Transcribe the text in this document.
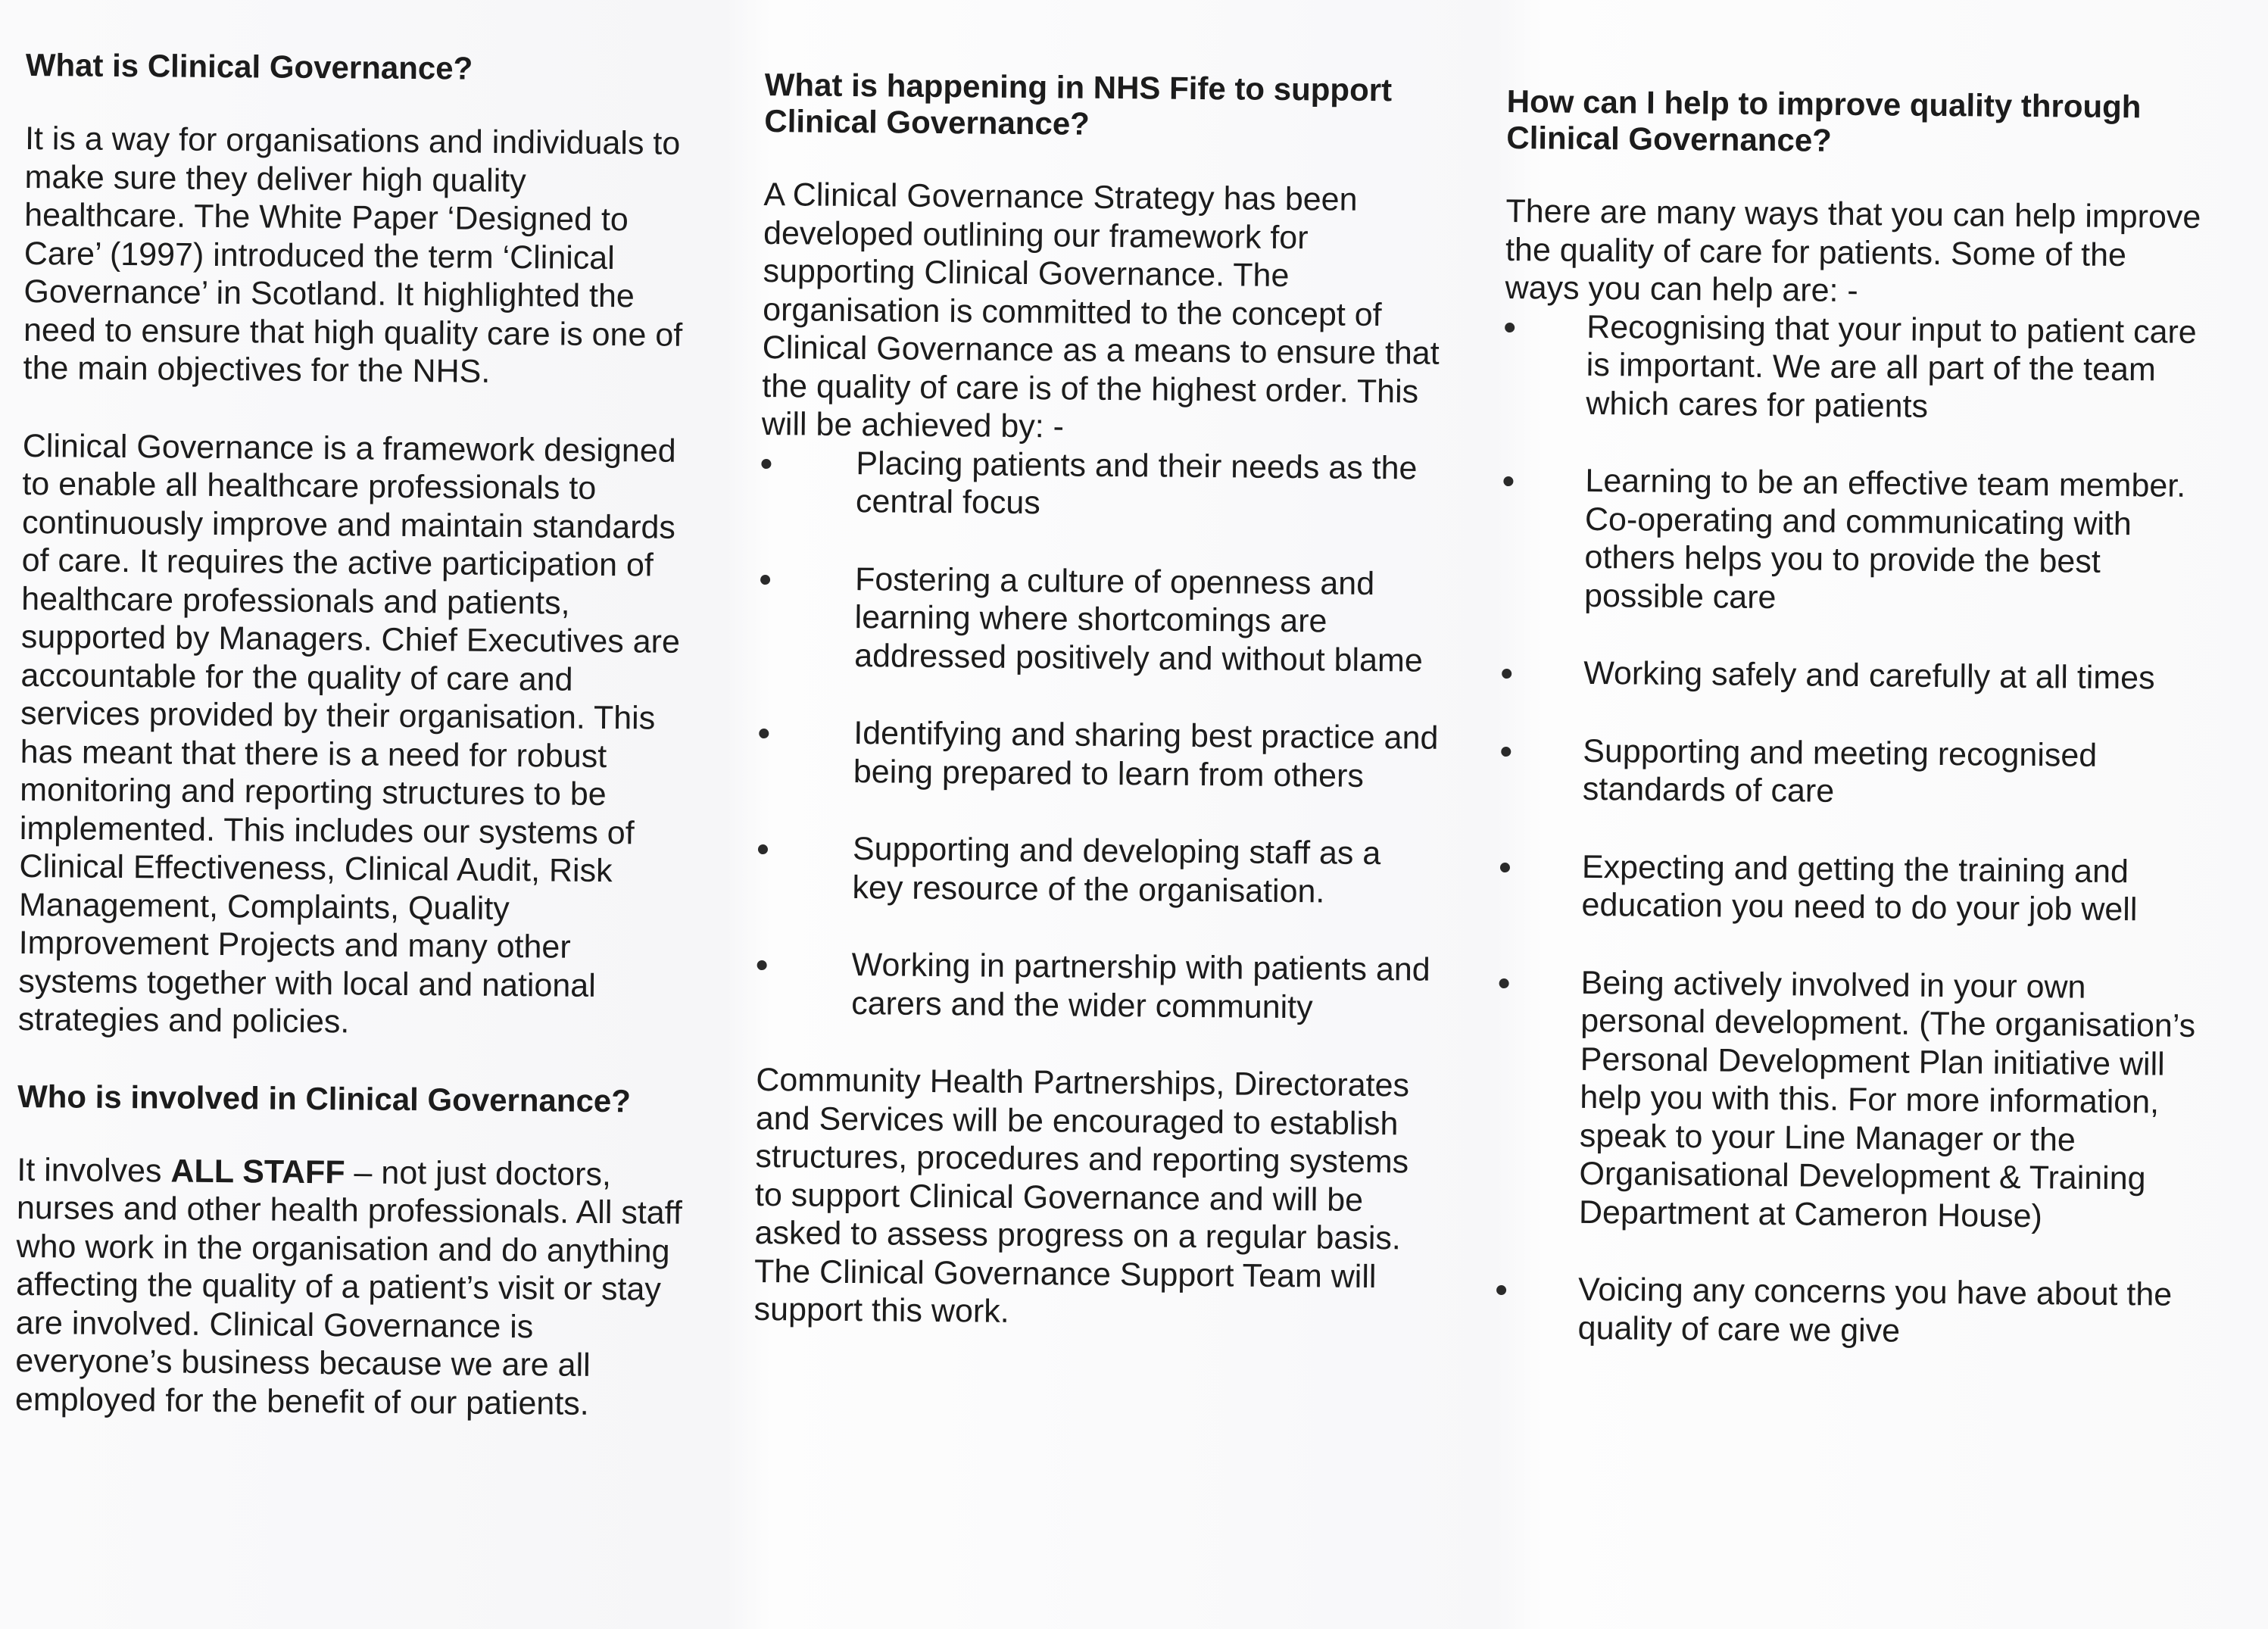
What is Clinical Governance?

It is a way for organisations and individuals to make sure they deliver high quality healthcare. The White Paper ‘Designed to Care’ (1997) introduced the term ‘Clinical Governance’ in Scotland. It highlighted the need to ensure that high quality care is one of the main objectives for the NHS.

Clinical Governance is a framework designed to enable all healthcare professionals to continuously improve and maintain standards of care. It requires the active participation of healthcare professionals and patients, supported by Managers. Chief Executives are accountable for the quality of care and services provided by their organisation. This has meant that there is a need for robust monitoring and reporting structures to be implemented. This includes our systems of Clinical Effectiveness, Clinical Audit, Risk Management, Complaints, Quality Improvement Projects and many other systems together with local and national strategies and policies.

Who is involved in Clinical Governance?

It involves ALL STAFF – not just doctors, nurses and other health professionals. All staff who work in the organisation and do anything affecting the quality of a patient’s visit or stay are involved. Clinical Governance is everyone’s business because we are all employed for the benefit of our patients.

What is happening in NHS Fife to support Clinical Governance?

A Clinical Governance Strategy has been developed outlining our framework for supporting Clinical Governance. The organisation is committed to the concept of Clinical Governance as a means to ensure that the quality of care is of the highest order. This will be achieved by: -

Placing patients and their needs as the central focus
Fostering a culture of openness and learning where shortcomings are addressed positively and without blame
Identifying and sharing best practice and being prepared to learn from others
Supporting and developing staff as a key resource of the organisation.
Working in partnership with patients and carers and the wider community

Community Health Partnerships, Directorates and Services will be encouraged to establish structures, procedures and reporting systems to support Clinical Governance and will be asked to assess progress on a regular basis. The Clinical Governance Support Team will support this work.

How can I help to improve quality through Clinical Governance?

There are many ways that you can help improve the quality of care for patients. Some of the ways you can help are: -

Recognising that your input to patient care is important. We are all part of the team which cares for patients
Learning to be an effective team member. Co-operating and communicating with others helps you to provide the best possible care
Working safely and carefully at all times
Supporting and meeting recognised standards of care
Expecting and getting the training and education you need to do your job well
Being actively involved in your own personal development. (The organisation’s Personal Development Plan initiative will help you with this. For more information, speak to your Line Manager or the Organisational Development & Training Department at Cameron House)
Voicing any concerns you have about the quality of care we give
